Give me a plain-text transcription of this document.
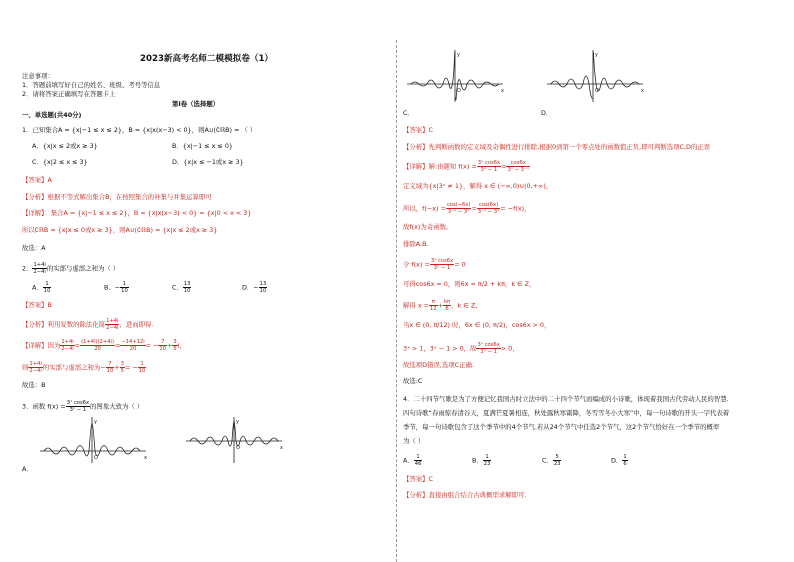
2023新高考名师二模模拟卷（1）
注意事项：
1．答题前填写好自己的姓名、班级、考号等信息
2．请将答案正确填写在答题卡上
第I卷（选择题）
一、单选题(共40分)
1．已知集合A = {x|−1 ≤ x ≤ 2}，B = {x|x(x−3) < 0}，则A∪(∁ℝB) = （ ）
A．{x|x ≤ 2或x ≥ 3}	B．{x|−1 ≤ x ≤ 0}
C．{x|2 ≤ x ≤ 3}	D．{x|x ≤ −1或x ≥ 3}
【答案】A
【分析】根据不等式解出集合B，在按照集合的补集与并集运算即可
【详解】：集合A = {x|−1 ≤ x ≤ 2}，B = {x|x(x−3) < 0} = {x|0 < x < 3}
所以∁ℝB = {x|x ≤ 0或x ≥ 3}，则A∪(∁ℝB) = {x|x ≤ 2或x ≥ 3}
故选：A
2． $\frac{1+4i}{2-4i}$ 的实部与虚部之和为（ ）
A． $\frac{1}{10}$	B．− $\frac{1}{10}$	C． $\frac{13}{10}$	D．− $\frac{13}{10}$
【答案】B
【分析】利用复数的除法化简 $\frac{1+4i}{2-4i}$ ，进而即得.
【详解】因为 $\frac{1+4i}{2-4i} = \frac{(1+4i)(2+4i)}{20} = \frac{-14+12i}{20}$ = − $\frac{7}{10} + \frac{3}{5}$ i，
则 $\frac{1+4i}{2-4i}$ 的实部与虚部之和为− $\frac{7}{10} + \frac{3}{5}$ = − $\frac{1}{10}$
故选：B
3．函数 $f(x) = \frac{\text{3ˣ cos6x}}{\text{3ˣ − 1}}$ 的图象大致为（ ）
x
y
O
A．
x
y
O
x
y
O
C．
x
y
O
D．
【答案】C
【分析】先判断函数的定义域及奇偶性进行排除,根据0到第一个零点处的函数值正负,即可判断选项C,D的正误
【详解】解:由题知 $f(x) = \frac{\text{3ˣ cos6x}}{\text{3ˣ − 1}} = \frac{\cos 6x}{\text{3ˣ − 3⁻ˣ}}$
定义域为{x|3ˣ ≠ 1}，解得 x ∈ (−∞,0)∪(0,+∞)，
所以，$f(-x) = \frac{\cos(-6x)}{\text{3⁻ˣ − 3ˣ}} = \frac{\cos(6x)}{\text{3⁻ˣ − 3ˣ}} = -f(x)$，
故f(x)为奇函数,
排除A,B.
令 $f(x) = \frac{\text{3ˣ cos6x}}{\text{3ˣ − 1}} = 0$
可得cos6x = 0，则6x = π/2 + kπ，k ∈ Z，
解得 $x = \frac{\pi}{12} + \frac{k\pi}{6}$ ，k ∈ Z，
当x ∈ (0, π/12) 时，6x ∈ (0, π/2)，cos6x > 0，
3ˣ > 1，3ˣ − 1 > 0，故 $\frac{\text{3ˣ cos6x}}{\text{3ˣ − 1}} > 0$，
故选项D错误,选项C正确.
故选:C
4．二十四节气歌是为了方便记忆我国古时立法中的二十四个节气而编成的小诗歌，体现着我国古代劳动人民的智慧.
四句诗歌“春雨惊春清谷天，夏满芒夏暑相连，秋处露秋寒霜降，冬雪雪冬小大寒”中，每一句诗歌的开头一字代表着
季节，每一句诗歌包含了这个季节中的4个节气.若从24个节气中任选2个节气，这2个节气恰好在一个季节的概率
为（ ）
A． $\frac{1}{46}$	B． $\frac{1}{23}$	C． $\frac{5}{23}$	D． $\frac{1}{6}$
【答案】C
【分析】直接由组合结合古典概型求解即可.
